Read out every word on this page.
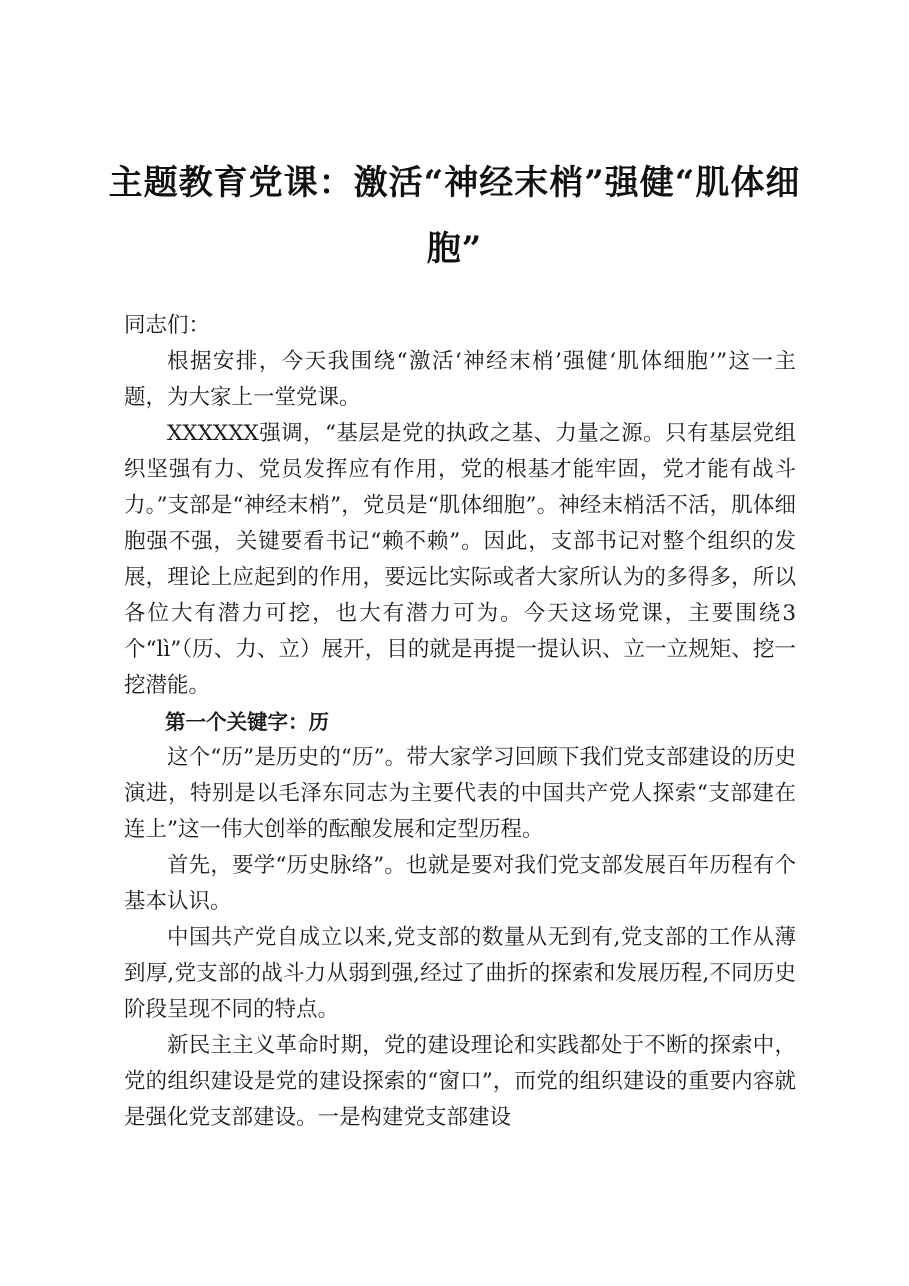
主题教育党课：激活“神经末梢”强健“肌体细胞”

同志们：

根据安排，今天我围绕“激活‘神经末梢’强健‘肌体细胞’”这一主题，为大家上一堂党课。

XXXXXX强调，“基层是党的执政之基、力量之源。只有基层党组织坚强有力、党员发挥应有作用，党的根基才能牢固，党才能有战斗力。”支部是“神经末梢”，党员是“肌体细胞”。神经末梢活不活，肌体细胞强不强，关键要看书记“赖不赖”。因此，支部书记对整个组织的发展，理论上应起到的作用，要远比实际或者大家所认为的多得多，所以各位大有潜力可挖，也大有潜力可为。今天这场党课，主要围绕3个“lì”（历、力、立）展开，目的就是再提一提认识、立一立规矩、挖一挖潜能。

第一个关键字：历

这个“历”是历史的“历”。带大家学习回顾下我们党支部建设的历史演进，特别是以毛泽东同志为主要代表的中国共产党人探索“支部建在连上”这一伟大创举的酝酿发展和定型历程。

首先，要学“历史脉络”。也就是要对我们党支部发展百年历程有个基本认识。

中国共产党自成立以来,党支部的数量从无到有,党支部的工作从薄到厚,党支部的战斗力从弱到强,经过了曲折的探索和发展历程,不同历史阶段呈现不同的特点。

新民主主义革命时期，党的建设理论和实践都处于不断的探索中，党的组织建设是党的建设探索的“窗口”，而党的组织建设的重要内容就是强化党支部建设。一是构建党支部建设
